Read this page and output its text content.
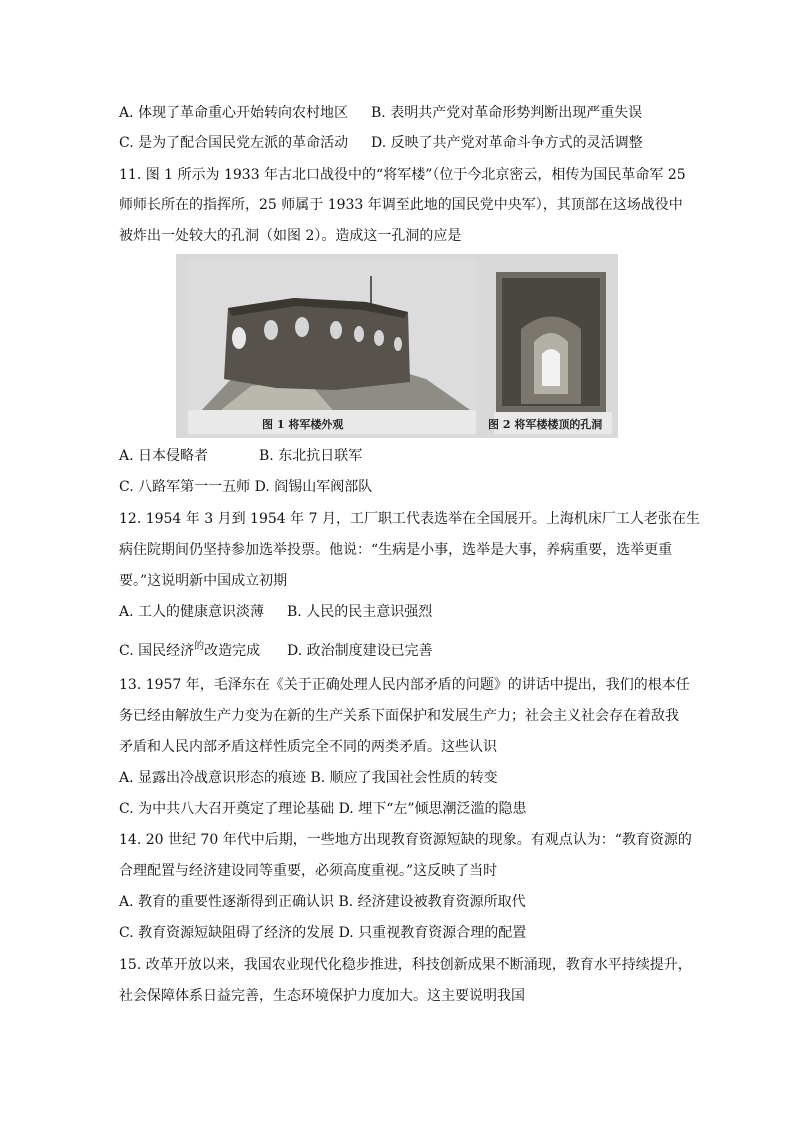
A. 体现了革命重心开始转向农村地区 B. 表明共产党对革命形势判断出现严重失误
C. 是为了配合国民党左派的革命活动 D. 反映了共产党对革命斗争方式的灵活调整
11. 图 1 所示为 1933 年古北口战役中的“将军楼”（位于今北京密云，相传为国民革命军 25
师师长所在的指挥所，25 师属于 1933 年调至此地的国民党中央军），其顶部在这场战役中
被炸出一处较大的孔洞（如图 2）。造成这一孔洞的应是
图 1 将军楼外观	图 2 将军楼楼顶的孔洞
A. 日本侵略者	B. 东北抗日联军
C. 八路军第一一五师 D. 阎锡山军阀部队
12. 1954 年 3 月到 1954 年 7 月，工厂职工代表选举在全国展开。上海机床厂工人老张在生
病住院期间仍坚持参加选举投票。他说：“生病是小事，选举是大事，养病重要，选举更重
要。”这说明新中国成立初期
A. 工人的健康意识淡薄 B. 人民的民主意识强烈
C. 国民经济$^的$改造完成 D. 政治制度建设已完善
13. 1957 年，毛泽东在《关于正确处理人民内部矛盾的问题》的讲话中提出，我们的根本任
务已经由解放生产力变为在新的生产关系下面保护和发展生产力；社会主义社会存在着敌我
矛盾和人民内部矛盾这样性质完全不同的两类矛盾。这些认识
A. 显露出冷战意识形态的痕迹 B. 顺应了我国社会性质的转变
C. 为中共八大召开奠定了理论基础 D. 埋下“左”倾思潮泛滥的隐患
14. 20 世纪 70 年代中后期，一些地方出现教育资源短缺的现象。有观点认为：“教育资源的
合理配置与经济建设同等重要，必须高度重视。”这反映了当时
A. 教育的重要性逐渐得到正确认识 B. 经济建设被教育资源所取代
C. 教育资源短缺阻碍了经济的发展 D. 只重视教育资源合理的配置
15. 改革开放以来，我国农业现代化稳步推进，科技创新成果不断涌现，教育水平持续提升，
社会保障体系日益完善，生态环境保护力度加大。这主要说明我国
